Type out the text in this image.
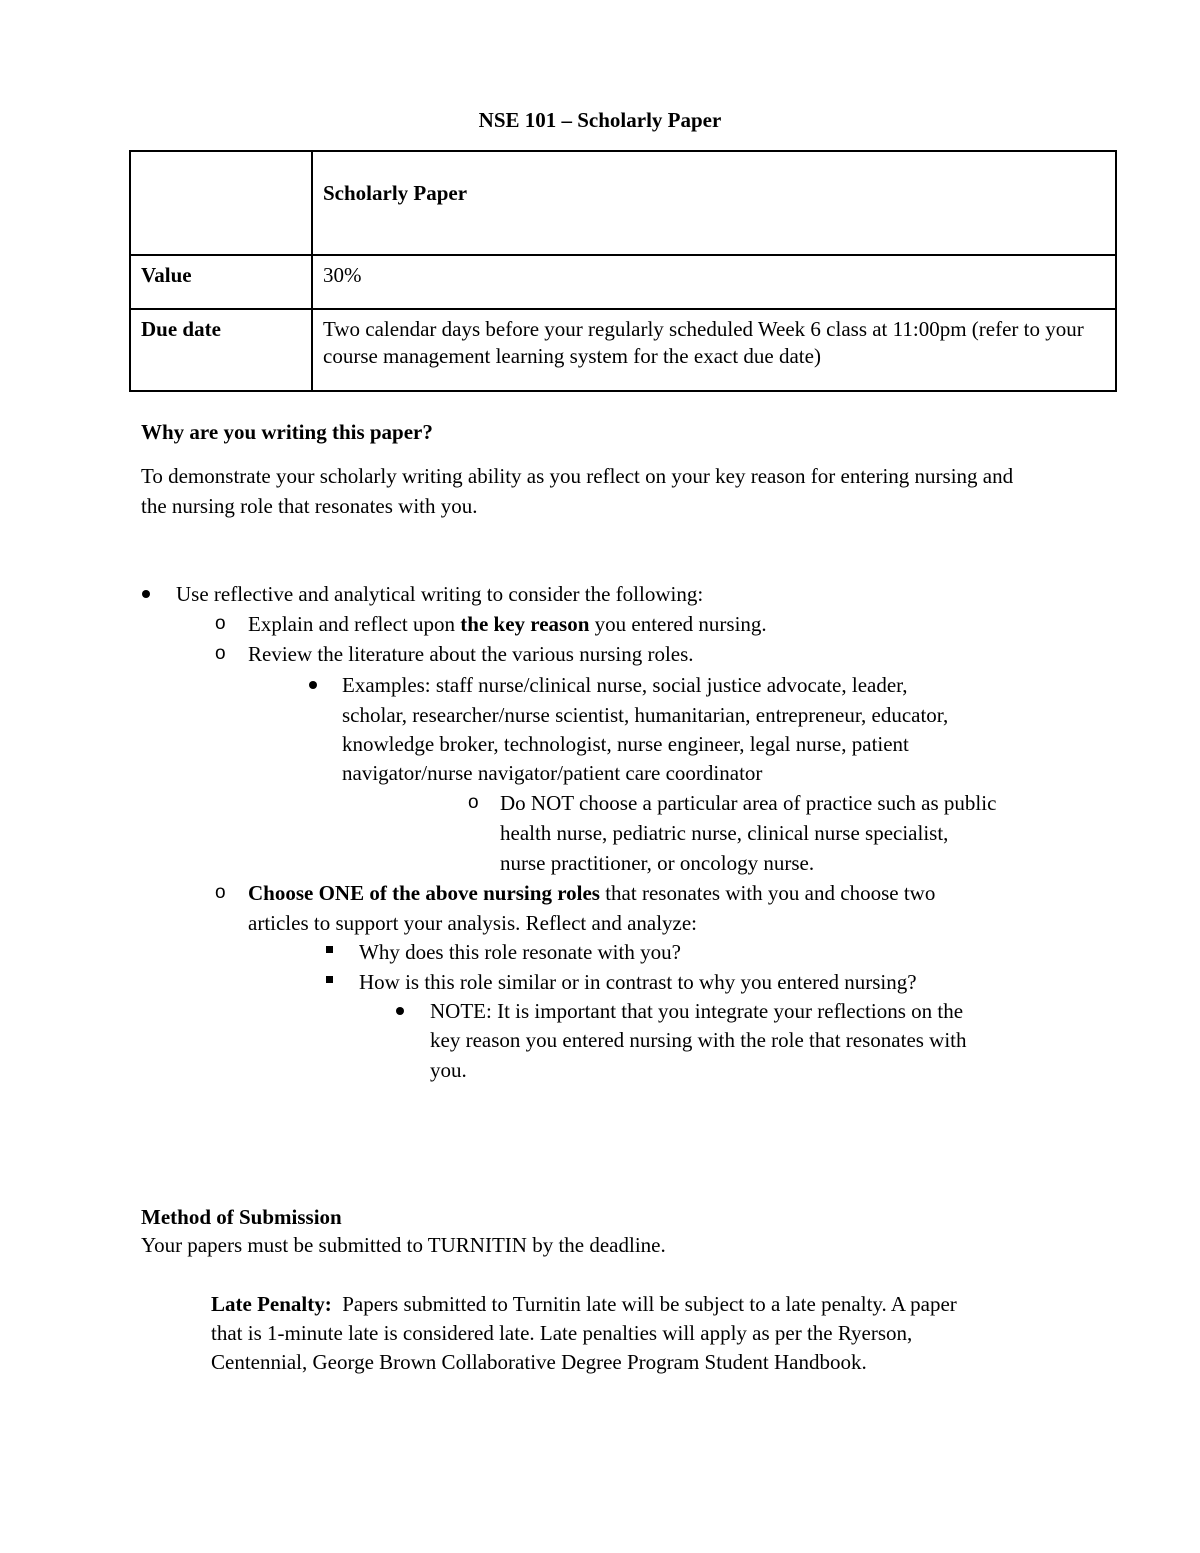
NSE 101 – Scholarly Paper
	Scholarly Paper
Value	30%
Due date	Two calendar days before your regularly scheduled Week 6 class at 11:00pm (refer to your course management learning system for the exact due date)
Why are you writing this paper?
To demonstrate your scholarly writing ability as you reflect on your key reason for entering nursing and the nursing role that resonates with you.
Use reflective and analytical writing to consider the following:
o Explain and reflect upon the key reason you entered nursing.
o Review the literature about the various nursing roles.
Examples: staff nurse/clinical nurse, social justice advocate, leader,
scholar, researcher/nurse scientist, humanitarian, entrepreneur, educator,
knowledge broker, technologist, nurse engineer, legal nurse, patient
navigator/nurse navigator/patient care coordinator
o Do NOT choose a particular area of practice such as public
health nurse, pediatric nurse, clinical nurse specialist,
nurse practitioner, or oncology nurse.
o Choose ONE of the above nursing roles that resonates with you and choose two
articles to support your analysis. Reflect and analyze:
Why does this role resonate with you?
How is this role similar or in contrast to why you entered nursing?
NOTE: It is important that you integrate your reflections on the
key reason you entered nursing with the role that resonates with
you.
Method of Submission
Your papers must be submitted to TURNITIN by the deadline.
Late Penalty:  Papers submitted to Turnitin late will be subject to a late penalty. A paper
that is 1-minute late is considered late. Late penalties will apply as per the Ryerson,
Centennial, George Brown Collaborative Degree Program Student Handbook.
